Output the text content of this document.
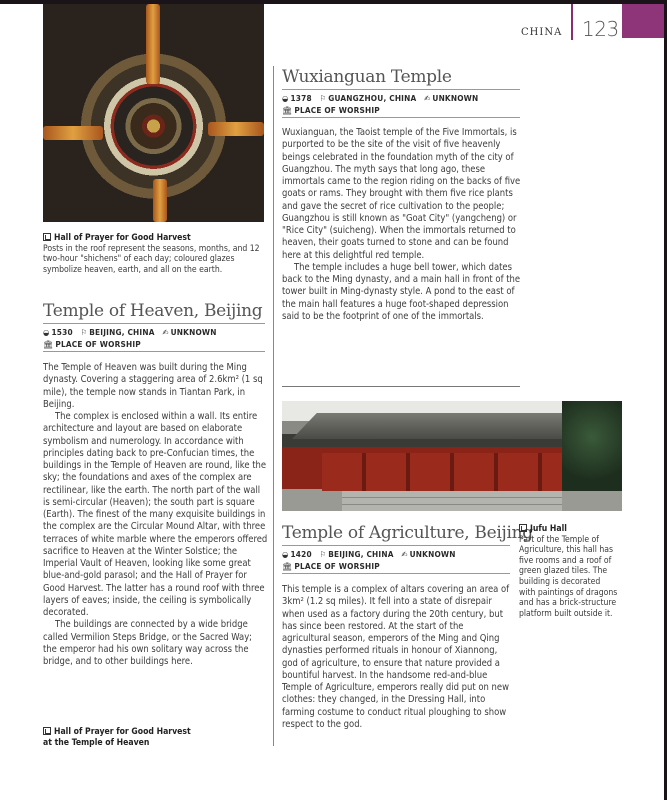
CHINA 123
Hall of Prayer for Good Harvest
Posts in the roof represent the seasons, months, and 12 two-hour "shichens" of each day; coloured glazes symbolize heaven, earth, and all on the earth.
Temple of Heaven, Beijing
◒ 1530 ⚐ BEIJING, CHINA ✍ UNKNOWN
🏛 PLACE OF WORSHIP

The Temple of Heaven was built during the Ming dynasty. Covering a staggering area of 2.6km² (1 sq mile), the temple now stands in Tiantan Park, in Beijing.

The complex is enclosed within a wall. Its entire architecture and layout are based on elaborate symbolism and numerology. In accordance with principles dating back to pre-Confucian times, the buildings in the Temple of Heaven are round, like the sky; the foundations and axes of the complex are rectilinear, like the earth. The north part of the wall is semi-circular (Heaven); the south part is square (Earth). The finest of the many exquisite buildings in the complex are the Circular Mound Altar, with three terraces of white marble where the emperors offered sacrifice to Heaven at the Winter Solstice; the Imperial Vault of Heaven, looking like some great blue-and-gold parasol; and the Hall of Prayer for Good Harvest. The latter has a round roof with three layers of eaves; inside, the ceiling is symbolically decorated.

The buildings are connected by a wide bridge called Vermilion Steps Bridge, or the Sacred Way; the emperor had his own solitary way across the bridge, and to other buildings here.

Hall of Prayer for Good Harvest
at the Temple of Heaven
Wuxianguan Temple
◒ 1378 ⚐ GUANGZHOU, CHINA ✍ UNKNOWN
🏛 PLACE OF WORSHIP

Wuxianguan, the Taoist temple of the Five Immortals, is purported to be the site of the visit of five heavenly beings celebrated in the foundation myth of the city of Guangzhou. The myth says that long ago, these immortals came to the region riding on the backs of five goats or rams. They brought with them five rice plants and gave the secret of rice cultivation to the people; Guangzhou is still known as "Goat City" (yangcheng) or "Rice City" (suicheng). When the immortals returned to heaven, their goats turned to stone and can be found here at this delightful red temple.

The temple includes a huge bell tower, which dates back to the Ming dynasty, and a main hall in front of the tower built in Ming-dynasty style. A pond to the east of the main hall features a huge foot-shaped depression said to be the footprint of one of the immortals.

Temple of Agriculture, Beijing
◒ 1420 ⚐ BEIJING, CHINA ✍ UNKNOWN
🏛 PLACE OF WORSHIP

This temple is a complex of altars covering an area of 3km² (1.2 sq miles). It fell into a state of disrepair when used as a factory during the 20th century, but has since been restored. At the start of the agricultural season, emperors of the Ming and Qing dynasties performed rituals in honour of Xiannong, god of agriculture, to ensure that nature provided a bountiful harvest. In the handsome red-and-blue Temple of Agriculture, emperors really did put on new clothes: they changed, in the Dressing Hall, into farming costume to conduct ritual ploughing to show respect to the god.

Jufu Hall
Part of the Temple of Agriculture, this hall has five rooms and a roof of green glazed tiles. The building is decorated with paintings of dragons and has a brick-structure platform built outside it.
